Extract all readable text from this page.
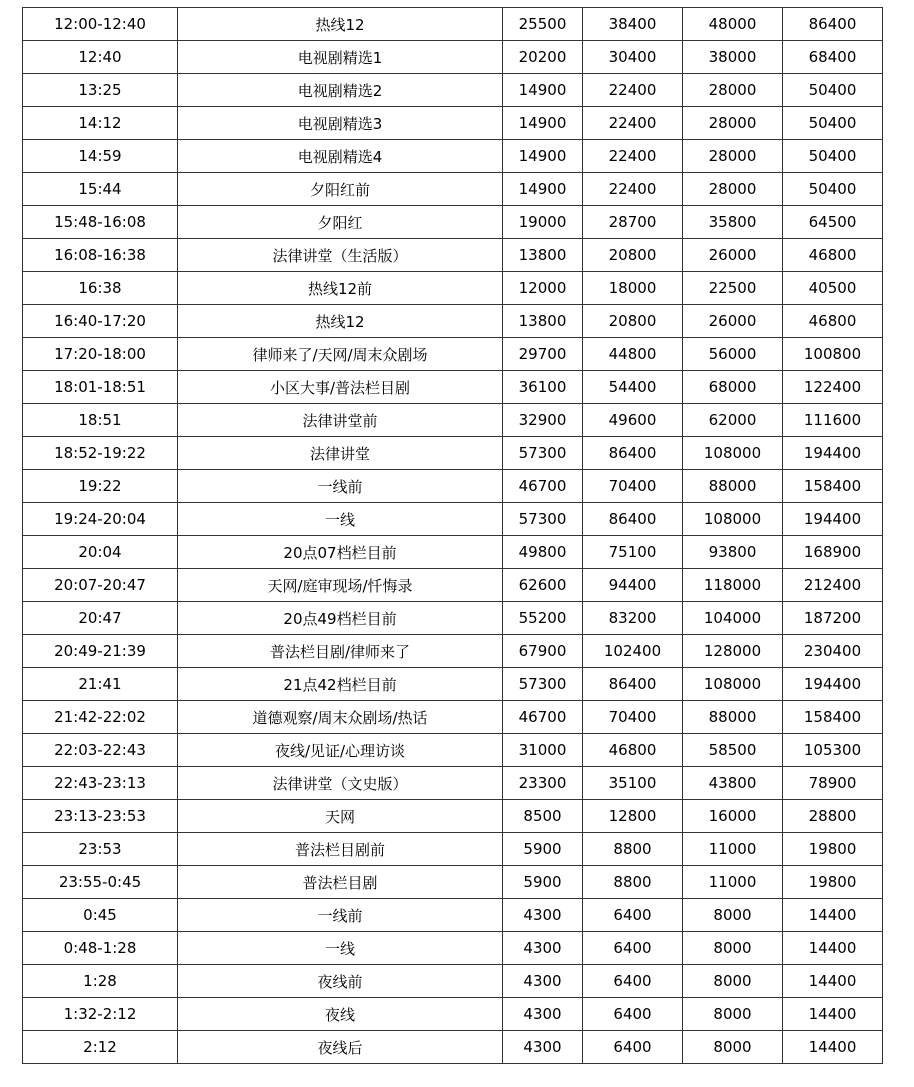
12:00-12:40	热线12	25500	38400	48000	86400
12:40	电视剧精选1	20200	30400	38000	68400
13:25	电视剧精选2	14900	22400	28000	50400
14:12	电视剧精选3	14900	22400	28000	50400
14:59	电视剧精选4	14900	22400	28000	50400
15:44	夕阳红前	14900	22400	28000	50400
15:48-16:08	夕阳红	19000	28700	35800	64500
16:08-16:38	法律讲堂（生活版）	13800	20800	26000	46800
16:38	热线12前	12000	18000	22500	40500
16:40-17:20	热线12	13800	20800	26000	46800
17:20-18:00	律师来了/天网/周末众剧场	29700	44800	56000	100800
18:01-18:51	小区大事/普法栏目剧	36100	54400	68000	122400
18:51	法律讲堂前	32900	49600	62000	111600
18:52-19:22	法律讲堂	57300	86400	108000	194400
19:22	一线前	46700	70400	88000	158400
19:24-20:04	一线	57300	86400	108000	194400
20:04	20点07档栏目前	49800	75100	93800	168900
20:07-20:47	天网/庭审现场/忏悔录	62600	94400	118000	212400
20:47	20点49档栏目前	55200	83200	104000	187200
20:49-21:39	普法栏目剧/律师来了	67900	102400	128000	230400
21:41	21点42档栏目前	57300	86400	108000	194400
21:42-22:02	道德观察/周末众剧场/热话	46700	70400	88000	158400
22:03-22:43	夜线/见证/心理访谈	31000	46800	58500	105300
22:43-23:13	法律讲堂（文史版）	23300	35100	43800	78900
23:13-23:53	天网	8500	12800	16000	28800
23:53	普法栏目剧前	5900	8800	11000	19800
23:55-0:45	普法栏目剧	5900	8800	11000	19800
0:45	一线前	4300	6400	8000	14400
0:48-1:28	一线	4300	6400	8000	14400
1:28	夜线前	4300	6400	8000	14400
1:32-2:12	夜线	4300	6400	8000	14400
2:12	夜线后	4300	6400	8000	14400
